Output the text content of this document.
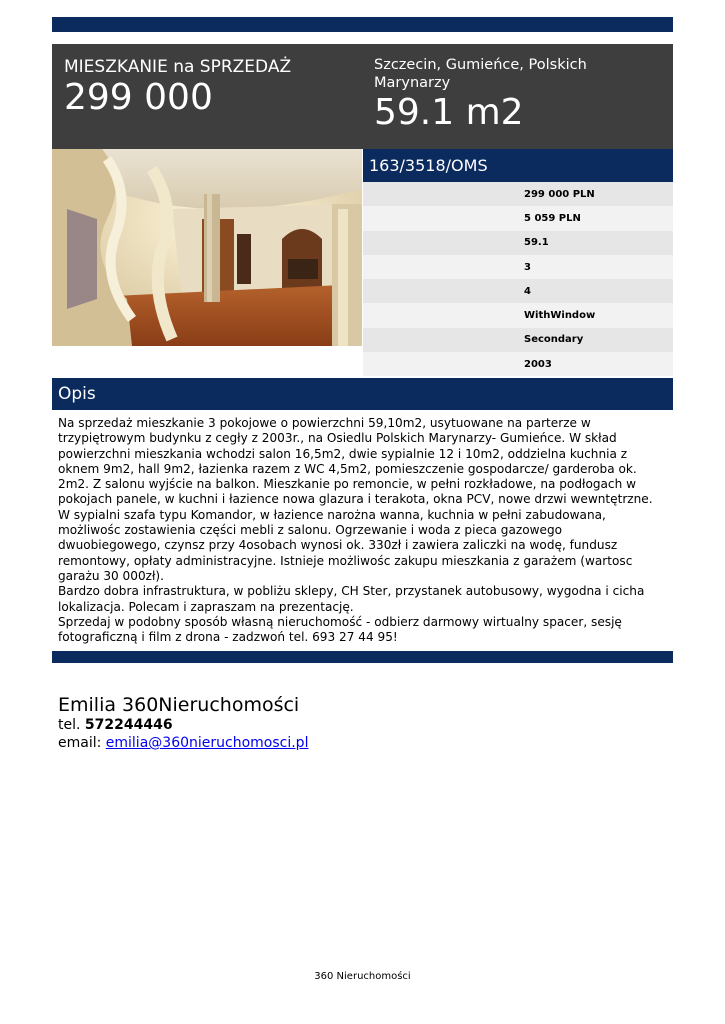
MIESZKANIE na SPRZEDAŻ
299 000
Szczecin, Gumieńce, Polskich Marynarzy
59.1 m2
163/3518/OMS
299 000 PLN
5 059 PLN
59.1
3
4
WithWindow
Secondary
2003
Opis

Na sprzedaż mieszkanie 3 pokojowe o powierzchni 59,10m2, usytuowane na parterze w trzypiętrowym budynku z cegły z 2003r., na Osiedlu Polskich Marynarzy- Gumieńce. W skład powierzchni mieszkania wchodzi salon 16,5m2, dwie sypialnie 12 i 10m2, oddzielna kuchnia z oknem 9m2, hall 9m2, łazienka razem z WC 4,5m2, pomieszczenie gospodarcze/ garderoba ok. 2m2. Z salonu wyjście na balkon. Mieszkanie po remoncie, w pełni rozkładowe, na podłogach w pokojach panele, w kuchni i łazience nowa glazura i terakota, okna PCV, nowe drzwi wewntętrzne. W sypialni szafa typu Komandor, w łazience narożna wanna, kuchnia w pełni zabudowana, możliwośc zostawienia części mebli z salonu. Ogrzewanie i woda z pieca gazowego dwuobiegowego, czynsz przy 4osobach wynosi ok. 330zł i zawiera zaliczki na wodę, fundusz remontowy, opłaty administracyjne. Istnieje możliwośc zakupu mieszkania z garażem (wartosc garażu 30 000zł).

Bardzo dobra infrastruktura, w pobliżu sklepy, CH Ster, przystanek autobusowy, wygodna i cicha lokalizacja. Polecam i zapraszam na prezentację.

Sprzedaj w podobny sposób własną nieruchomość - odbierz darmowy wirtualny spacer, sesję fotograficzną i film z drona - zadzwoń tel. 693 27 44 95!

Emilia 360Nieruchomości
tel. 572244446
email: emilia@360nieruchomosci.pl
360 Nieruchomości
